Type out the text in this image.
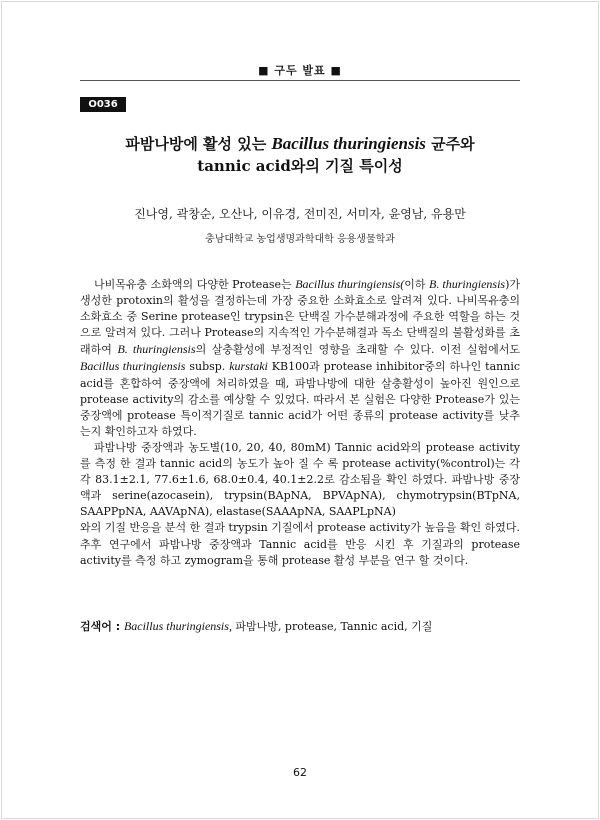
■ 구두 발표 ■
O036
파밤나방에 활성 있는 Bacillus thuringiensis 균주와
tannic acid와의 기질 특이성
진나영, 곽창순, 오산나, 이유경, 전미진, 서미자, 윤영남, 유용만
충남대학교 농업생명과학대학 응용생물학과

나비목유충 소화액의 다양한 Protease는 Bacillus thuringiensis(이하 B. thuringiensis)가 생성한 protoxin의 활성을 결정하는데 가장 중요한 소화효소로 알려져 있다. 나비목유충의 소화효소 중 Serine protease인 trypsin은 단백질 가수분해과정에 주요한 역할을 하는 것으로 알려져 있다. 그러나 Protease의 지속적인 가수분해결과 독소 단백질의 불활성화를 초래하여 B. thuringiensis의 살충활성에 부정적인 영향을 초래할 수 있다. 이전 실험에서도 Bacillus thuringiensis subsp. kurstaki KB100과 protease inhibitor중의 하나인 tannic acid를 혼합하여 중장액에 처리하였을 때, 파밤나방에 대한 살충활성이 높아진 원인으로 protease activity의 감소를 예상할 수 있었다. 따라서 본 실험은 다양한 Protease가 있는 중장액에 protease 특이적기질로 tannic acid가 어떤 종류의 protease activity를 낮추는지 확인하고자 하였다.

파밤나방 중장액과 농도별(10, 20, 40, 80mM) Tannic acid와의 protease activity를 측정 한 결과 tannic acid의 농도가 높아 질 수 록 protease activity(%control)는 각각 83.1±2.1, 77.6±1.6, 68.0±0.4, 40.1±2.2로 감소됨을 확인 하였다. 파밤나방 중장액과 serine(azocasein), trypsin(BApNA, BPVApNA), chymotrypsin(BTpNA, SAAPPpNA, AAVApNA), elastase(SAAApNA, SAAPLpNA)

와의 기질 반응을 분석 한 결과 trypsin 기질에서 protease activity가 높음을 확인 하였다. 추후 연구에서 파밤나방 중장액과 Tannic acid를 반응 시킨 후 기질과의 protease activity를 측정 하고 zymogram을 통해 protease 활성 부분을 연구 할 것이다.

검색어 : Bacillus thuringiensis, 파밤나방, protease, Tannic acid, 기질
62
